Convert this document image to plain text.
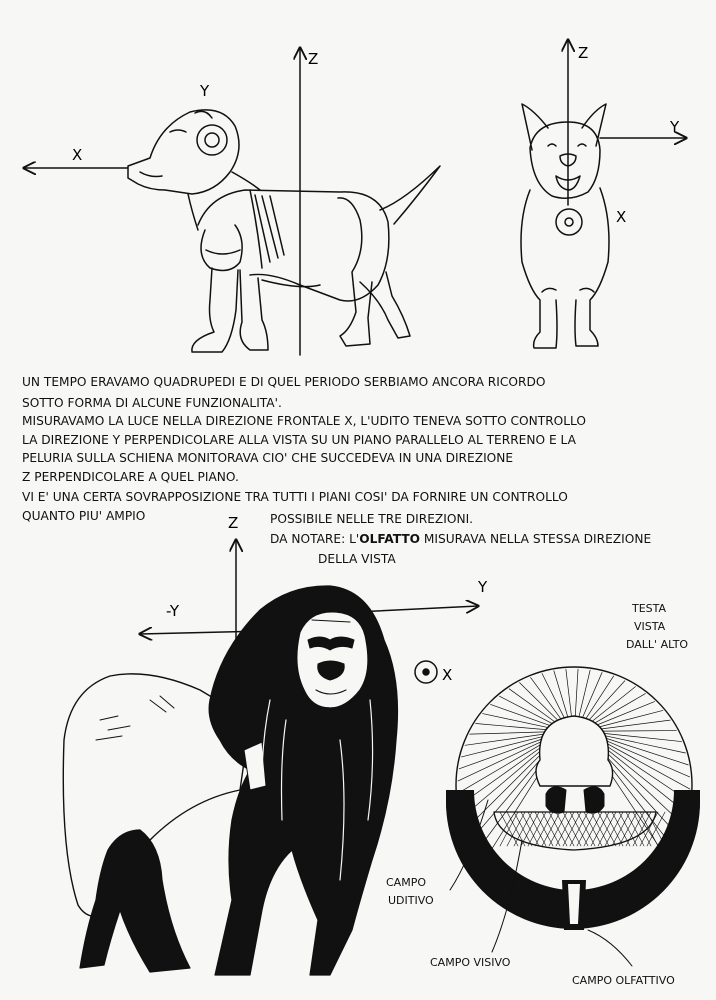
Z
Y
X
Z
Y
X
Z
-Y
Y
X
UN TEMPO ERAVAMO QUADRUPEDI E DI QUEL PERIODO SERBIAMO ANCORA RICORDO
SOTTO FORMA DI ALCUNE FUNZIONALITA'.
MISURAVAMO LA LUCE NELLA DIREZIONE FRONTALE X, L'UDITO TENEVA SOTTO CONTROLLO
LA DIREZIONE Y PERPENDICOLARE ALLA VISTA SU UN PIANO PARALLELO AL TERRENO E LA
PELURIA SULLA SCHIENA MONITORAVA CIO' CHE SUCCEDEVA IN UNA DIREZIONE
Z PERPENDICOLARE A QUEL PIANO.
VI E' UNA CERTA SOVRAPPOSIZIONE TRA TUTTI I PIANI COSI' DA FORNIRE UN CONTROLLO
QUANTO PIU' AMPIO	POSSIBILE NELLE TRE DIREZIONI.
DA NOTARE: L'OLFATTO MISURAVA NELLA STESSA DIREZIONE
DELLA VISTA
TESTA
VISTA
DALL' ALTO
CAMPO
UDITIVO
CAMPO VISIVO
CAMPO OLFATTIVO
